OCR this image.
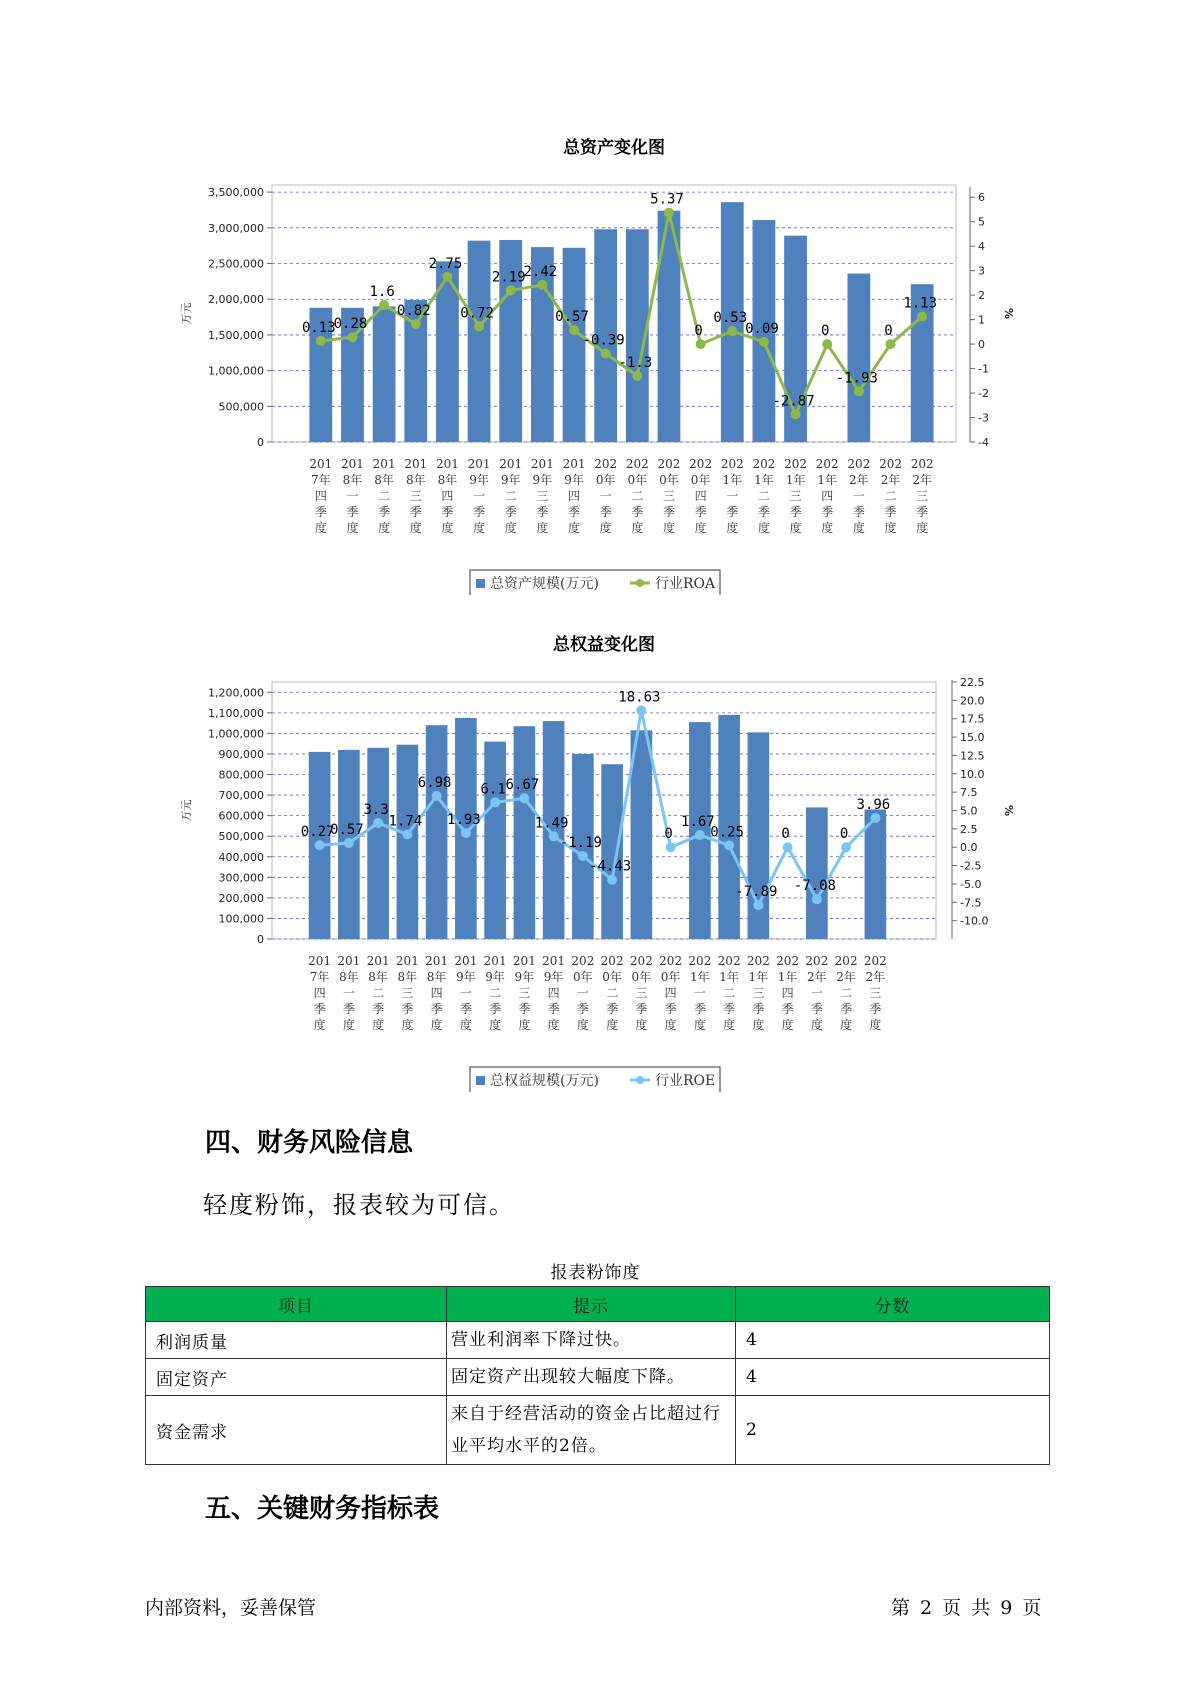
总资产变化图
0
500,000
1,000,000
1,500,000
2,000,000
2,500,000
3,000,000
3,500,000
-4
-3
-2
-1
0
1
2
3
4
5
6
万元	%
0.13
0.28
1.6
0.82
2.75
0.72
2.19
2.42
0.57
-0.39
-1.3
5.37
0
0.53
0.09
-2.87
0
-1.93
0
1.13
201
7年
四
季
度
201
8年
一
季
度
201
8年
二
季
度
201
8年
三
季
度
201
8年
四
季
度
201
9年
一
季
度
201
9年
二
季
度
201
9年
三
季
度
201
9年
四
季
度
202
0年
一
季
度
202
0年
二
季
度
202
0年
三
季
度
202
0年
四
季
度
202
1年
一
季
度
202
1年
二
季
度
202
1年
三
季
度
202
1年
四
季
度
202
2年
一
季
度
202
2年
二
季
度
202
2年
三
季
度
总资产规模(万元)	行业ROA
总权益变化图
0
100,000
200,000
300,000
400,000
500,000
600,000
700,000
800,000
900,000
1,000,000
1,100,000
1,200,000
-10.0
-7.5
-5.0
-2.5
0.0
2.5
5.0
7.5
10.0
12.5
15.0
17.5
20.0
22.5
万元	%
0.27
0.57
3.3
1.74
6.98
1.93
6.1 6.67
1.49
-1.19
-4.43
18.63
0
1.67
0.25
-7.89
0
-7.08
0
3.96
201
7年
四
季
度
201
8年
一
季
度
201
8年
二
季
度
201
8年
三
季
度
201
8年
四
季
度
201
9年
一
季
度
201
9年
二
季
度
201
9年
三
季
度
201
9年
四
季
度
202
0年
一
季
度
202
0年
二
季
度
202
0年
三
季
度
202
0年
四
季
度
202
1年
一
季
度
202
1年
二
季
度
202
1年
三
季
度
202
1年
四
季
度
202
2年
一
季
度
202
2年
二
季
度
202
2年
三
季
度
总权益规模(万元)	行业ROE
四、财务风险信息

轻度粉饰，报表较为可信。

报表粉饰度
项目	提示	分数
利润质量	营业利润率下降过快。	4
固定资产	固定资产出现较大幅度下降。	4
资金需求	来自于经营活动的资金占比超过行业平均水平的2倍。	2
五、关键财务指标表
内部资料，妥善保管	第 2 页 共 9 页
